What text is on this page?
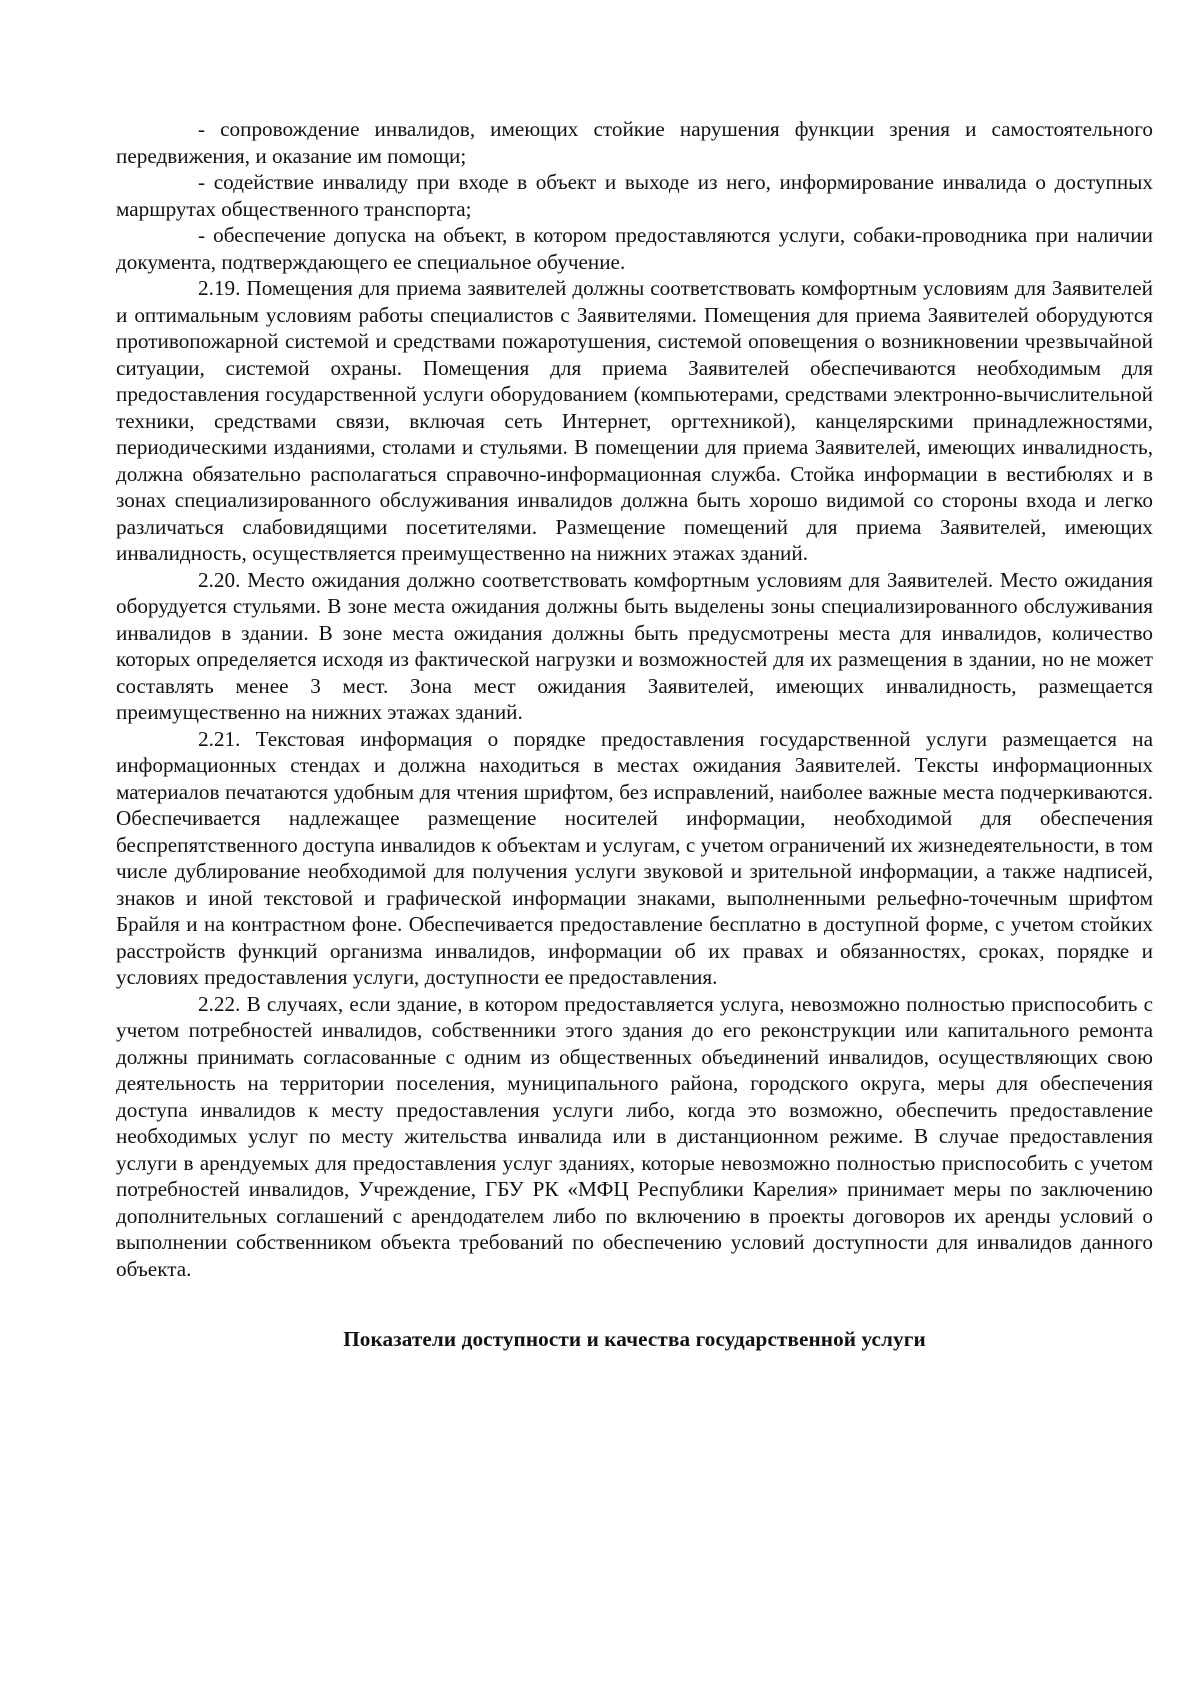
- сопровождение инвалидов, имеющих стойкие нарушения функции зрения и самостоятельного передвижения, и оказание им помощи;

- содействие инвалиду при входе в объект и выходе из него, информирование инвалида о доступных маршрутах общественного транспорта;

- обеспечение допуска на объект, в котором предоставляются услуги, собаки-проводника при наличии документа, подтверждающего ее специальное обучение.

2.19. Помещения для приема заявителей должны соответствовать комфортным условиям для Заявителей и оптимальным условиям работы специалистов с Заявителями. Помещения для приема Заявителей оборудуются противопожарной системой и средствами пожаротушения, системой оповещения о возникновении чрезвычайной ситуации, системой охраны. Помещения для приема Заявителей обеспечиваются необходимым для предоставления государственной услуги оборудованием (компьютерами, средствами электронно-вычислительной техники, средствами связи, включая сеть Интернет, оргтехникой), канцелярскими принадлежностями, периодическими изданиями, столами и стульями. В помещении для приема Заявителей, имеющих инвалидность, должна обязательно располагаться справочно-информационная служба. Стойка информации в вестибюлях и в зонах специализированного обслуживания инвалидов должна быть хорошо видимой со стороны входа и легко различаться слабовидящими посетителями. Размещение помещений для приема Заявителей, имеющих инвалидность, осуществляется преимущественно на нижних этажах зданий.

2.20. Место ожидания должно соответствовать комфортным условиям для Заявителей. Место ожидания оборудуется стульями. В зоне места ожидания должны быть выделены зоны специализированного обслуживания инвалидов в здании. В зоне места ожидания должны быть предусмотрены места для инвалидов, количество которых определяется исходя из фактической нагрузки и возможностей для их размещения в здании, но не может составлять менее 3 мест. Зона мест ожидания Заявителей, имеющих инвалидность, размещается преимущественно на нижних этажах зданий.

2.21. Текстовая информация о порядке предоставления государственной услуги размещается на информационных стендах и должна находиться в местах ожидания Заявителей. Тексты информационных материалов печатаются удобным для чтения шрифтом, без исправлений, наиболее важные места подчеркиваются. Обеспечивается надлежащее размещение носителей информации, необходимой для обеспечения беспрепятственного доступа инвалидов к объектам и услугам, с учетом ограничений их жизнедеятельности, в том числе дублирование необходимой для получения услуги звуковой и зрительной информации, а также надписей, знаков и иной текстовой и графической информации знаками, выполненными рельефно-точечным шрифтом Брайля и на контрастном фоне. Обеспечивается предоставление бесплатно в доступной форме, с учетом стойких расстройств функций организма инвалидов, информации об их правах и обязанностях, сроках, порядке и условиях предоставления услуги, доступности ее предоставления.

2.22. В случаях, если здание, в котором предоставляется услуга, невозможно полностью приспособить с учетом потребностей инвалидов, собственники этого здания до его реконструкции или капитального ремонта должны принимать согласованные с одним из общественных объединений инвалидов, осуществляющих свою деятельность на территории поселения, муниципального района, городского округа, меры для обеспечения доступа инвалидов к месту предоставления услуги либо, когда это возможно, обеспечить предоставление необходимых услуг по месту жительства инвалида или в дистанционном режиме. В случае предоставления услуги в арендуемых для предоставления услуг зданиях, которые невозможно полностью приспособить с учетом потребностей инвалидов, Учреждение, ГБУ РК «МФЦ Республики Карелия» принимает меры по заключению дополнительных соглашений с арендодателем либо по включению в проекты договоров их аренды условий о выполнении собственником объекта требований по обеспечению условий доступности для инвалидов данного объекта.

Показатели доступности и качества государственной услуги
